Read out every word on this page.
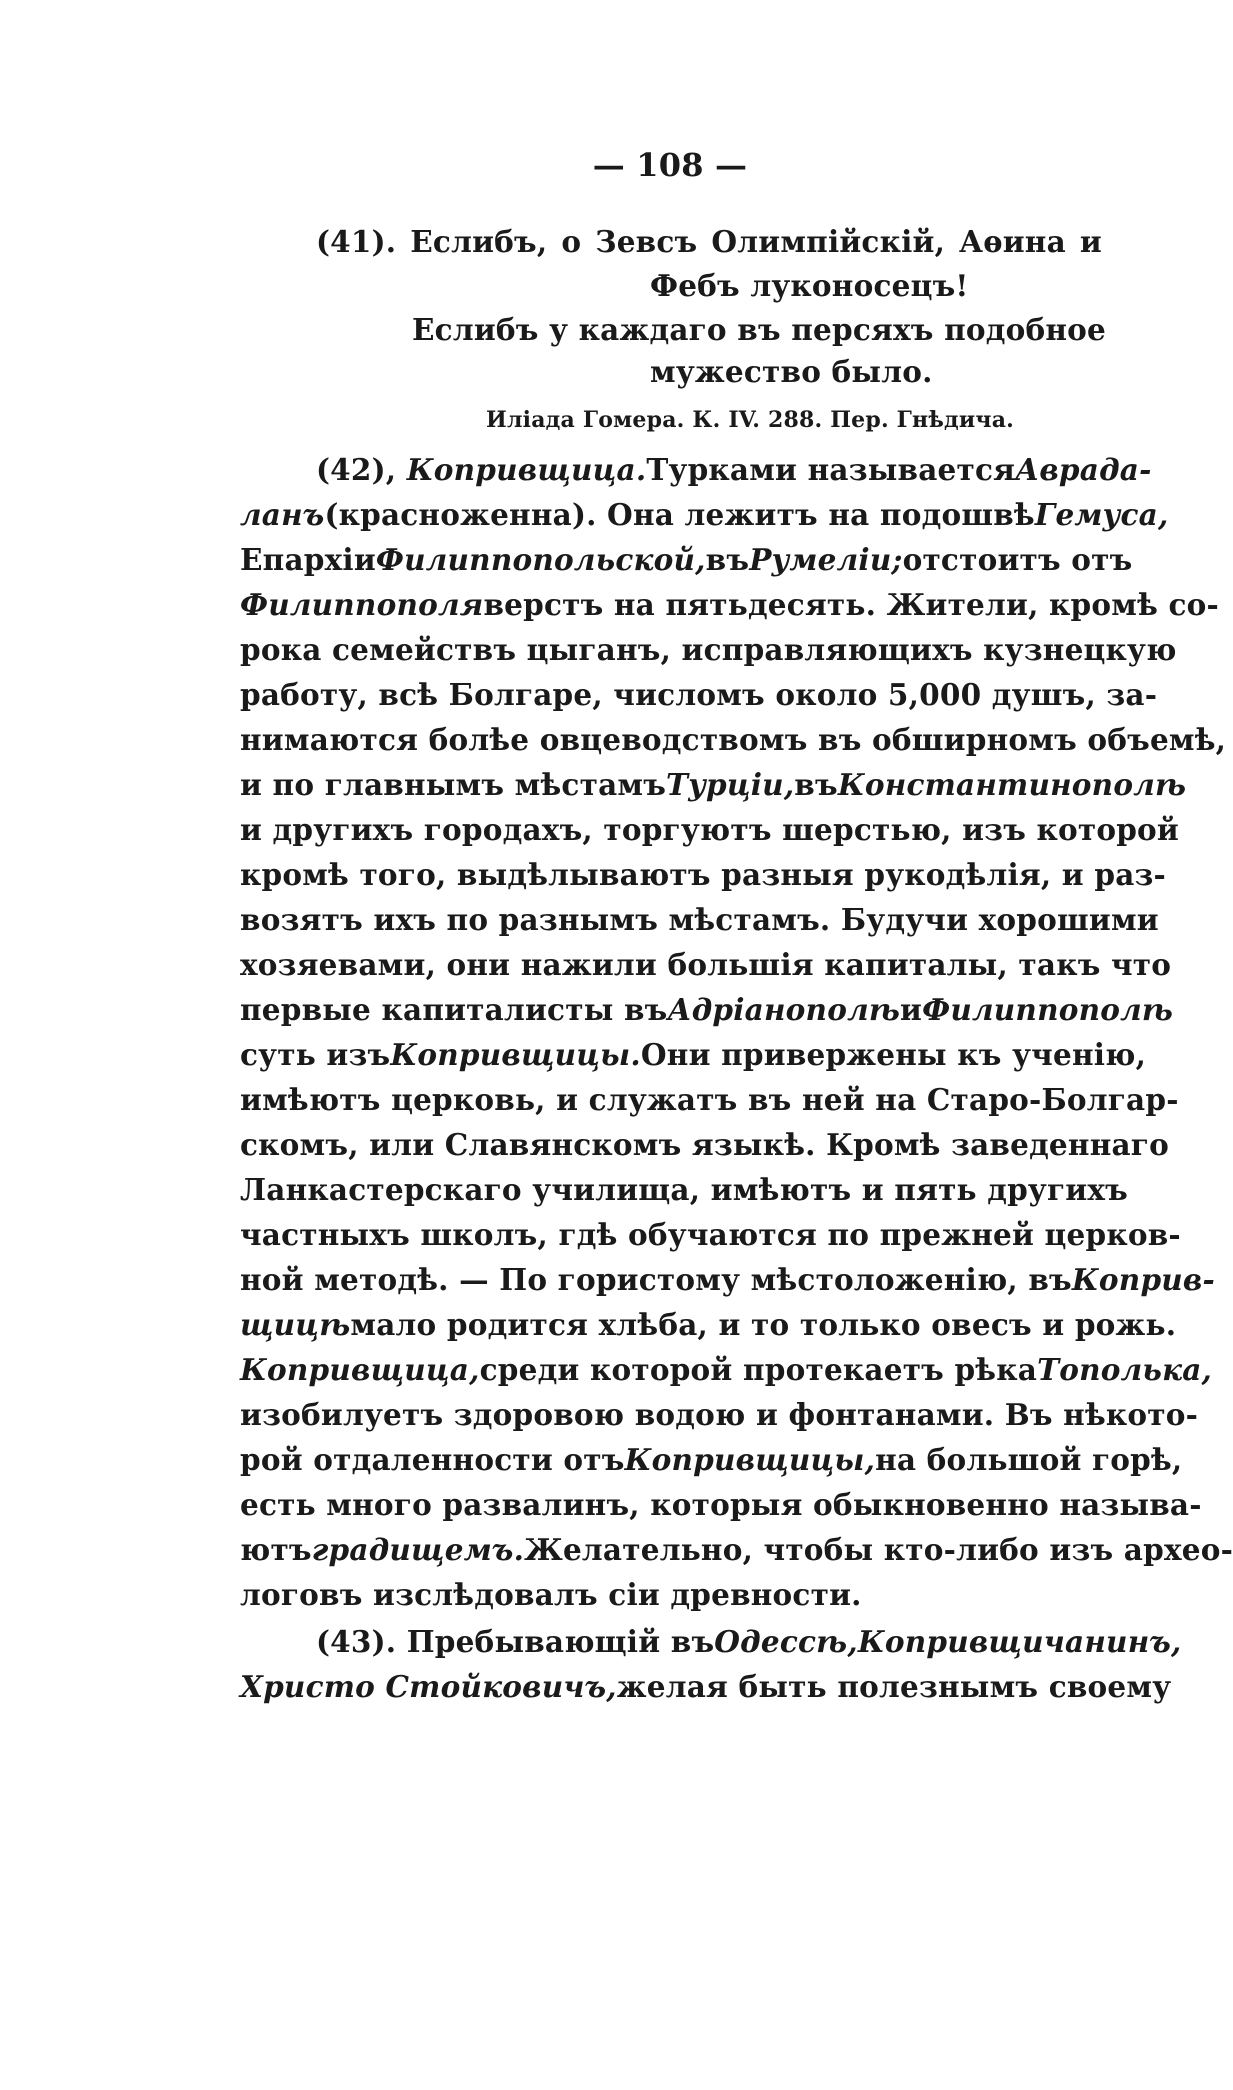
— 108 —
(41). Еслибъ, о Зевсъ Олимпійскій, Аѳина и
Фебъ луконосецъ!
Еслибъ у каждаго въ персяхъ подобное
мужество было.
Иліада Гомера. К. IV. 288. Пер. Гнѣдича.
(42), Копривщица. Турками называется Аврада-
ланъ (красноженна). Она лежитъ на подошвѣ Гемуса,
Епархіи Филиппопольской, въ Румеліи; отстоитъ отъ
Филиппополя верстъ на пятьдесять. Жители, кромѣ со-
рока семействъ цыганъ, исправляющихъ кузнецкую
работу, всѣ Болгаре, числомъ около 5,000 душъ, за-
нимаются болѣе овцеводствомъ въ обширномъ объемѣ,
и по главнымъ мѣстамъ Турціи, въ Константинополѣ
и другихъ городахъ, торгуютъ шерстью, изъ которой
кромѣ того, выдѣлываютъ разныя рукодѣлія, и раз-
возятъ ихъ по разнымъ мѣстамъ. Будучи хорошими
хозяевами, они нажили большія капиталы, такъ что
первые капиталисты въ Адріанополѣ и Филиппополѣ
суть изъ Копривщицы. Они привержены къ ученію,
имѣютъ церковь, и служатъ въ ней на Старо-Болгар-
скомъ, или Славянскомъ языкѣ. Кромѣ заведеннаго
Ланкастерскаго училища, имѣютъ и пять другихъ
частныхъ школъ, гдѣ обучаются по прежней церков-
ной методѣ. — По гористому мѣстоложенію, въ Коприв-
щицѣ мало родится хлѣба, и то только овесъ и рожь.
Копривщица, среди которой протекаетъ рѣка Тополька,
изобилуетъ здоровою водою и фонтанами. Въ нѣкото-
рой отдаленности отъ Копривщицы, на большой горѣ,
есть много развалинъ, которыя обыкновенно называ-
ютъ градищемъ. Желательно, чтобы кто-либо изъ археo-
логовъ изслѣдовалъ сіи древности.
(43). Пребывающій въ Одессѣ, Копривщичанинъ,
Христо Стойковичъ, желая быть полезнымъ своему
